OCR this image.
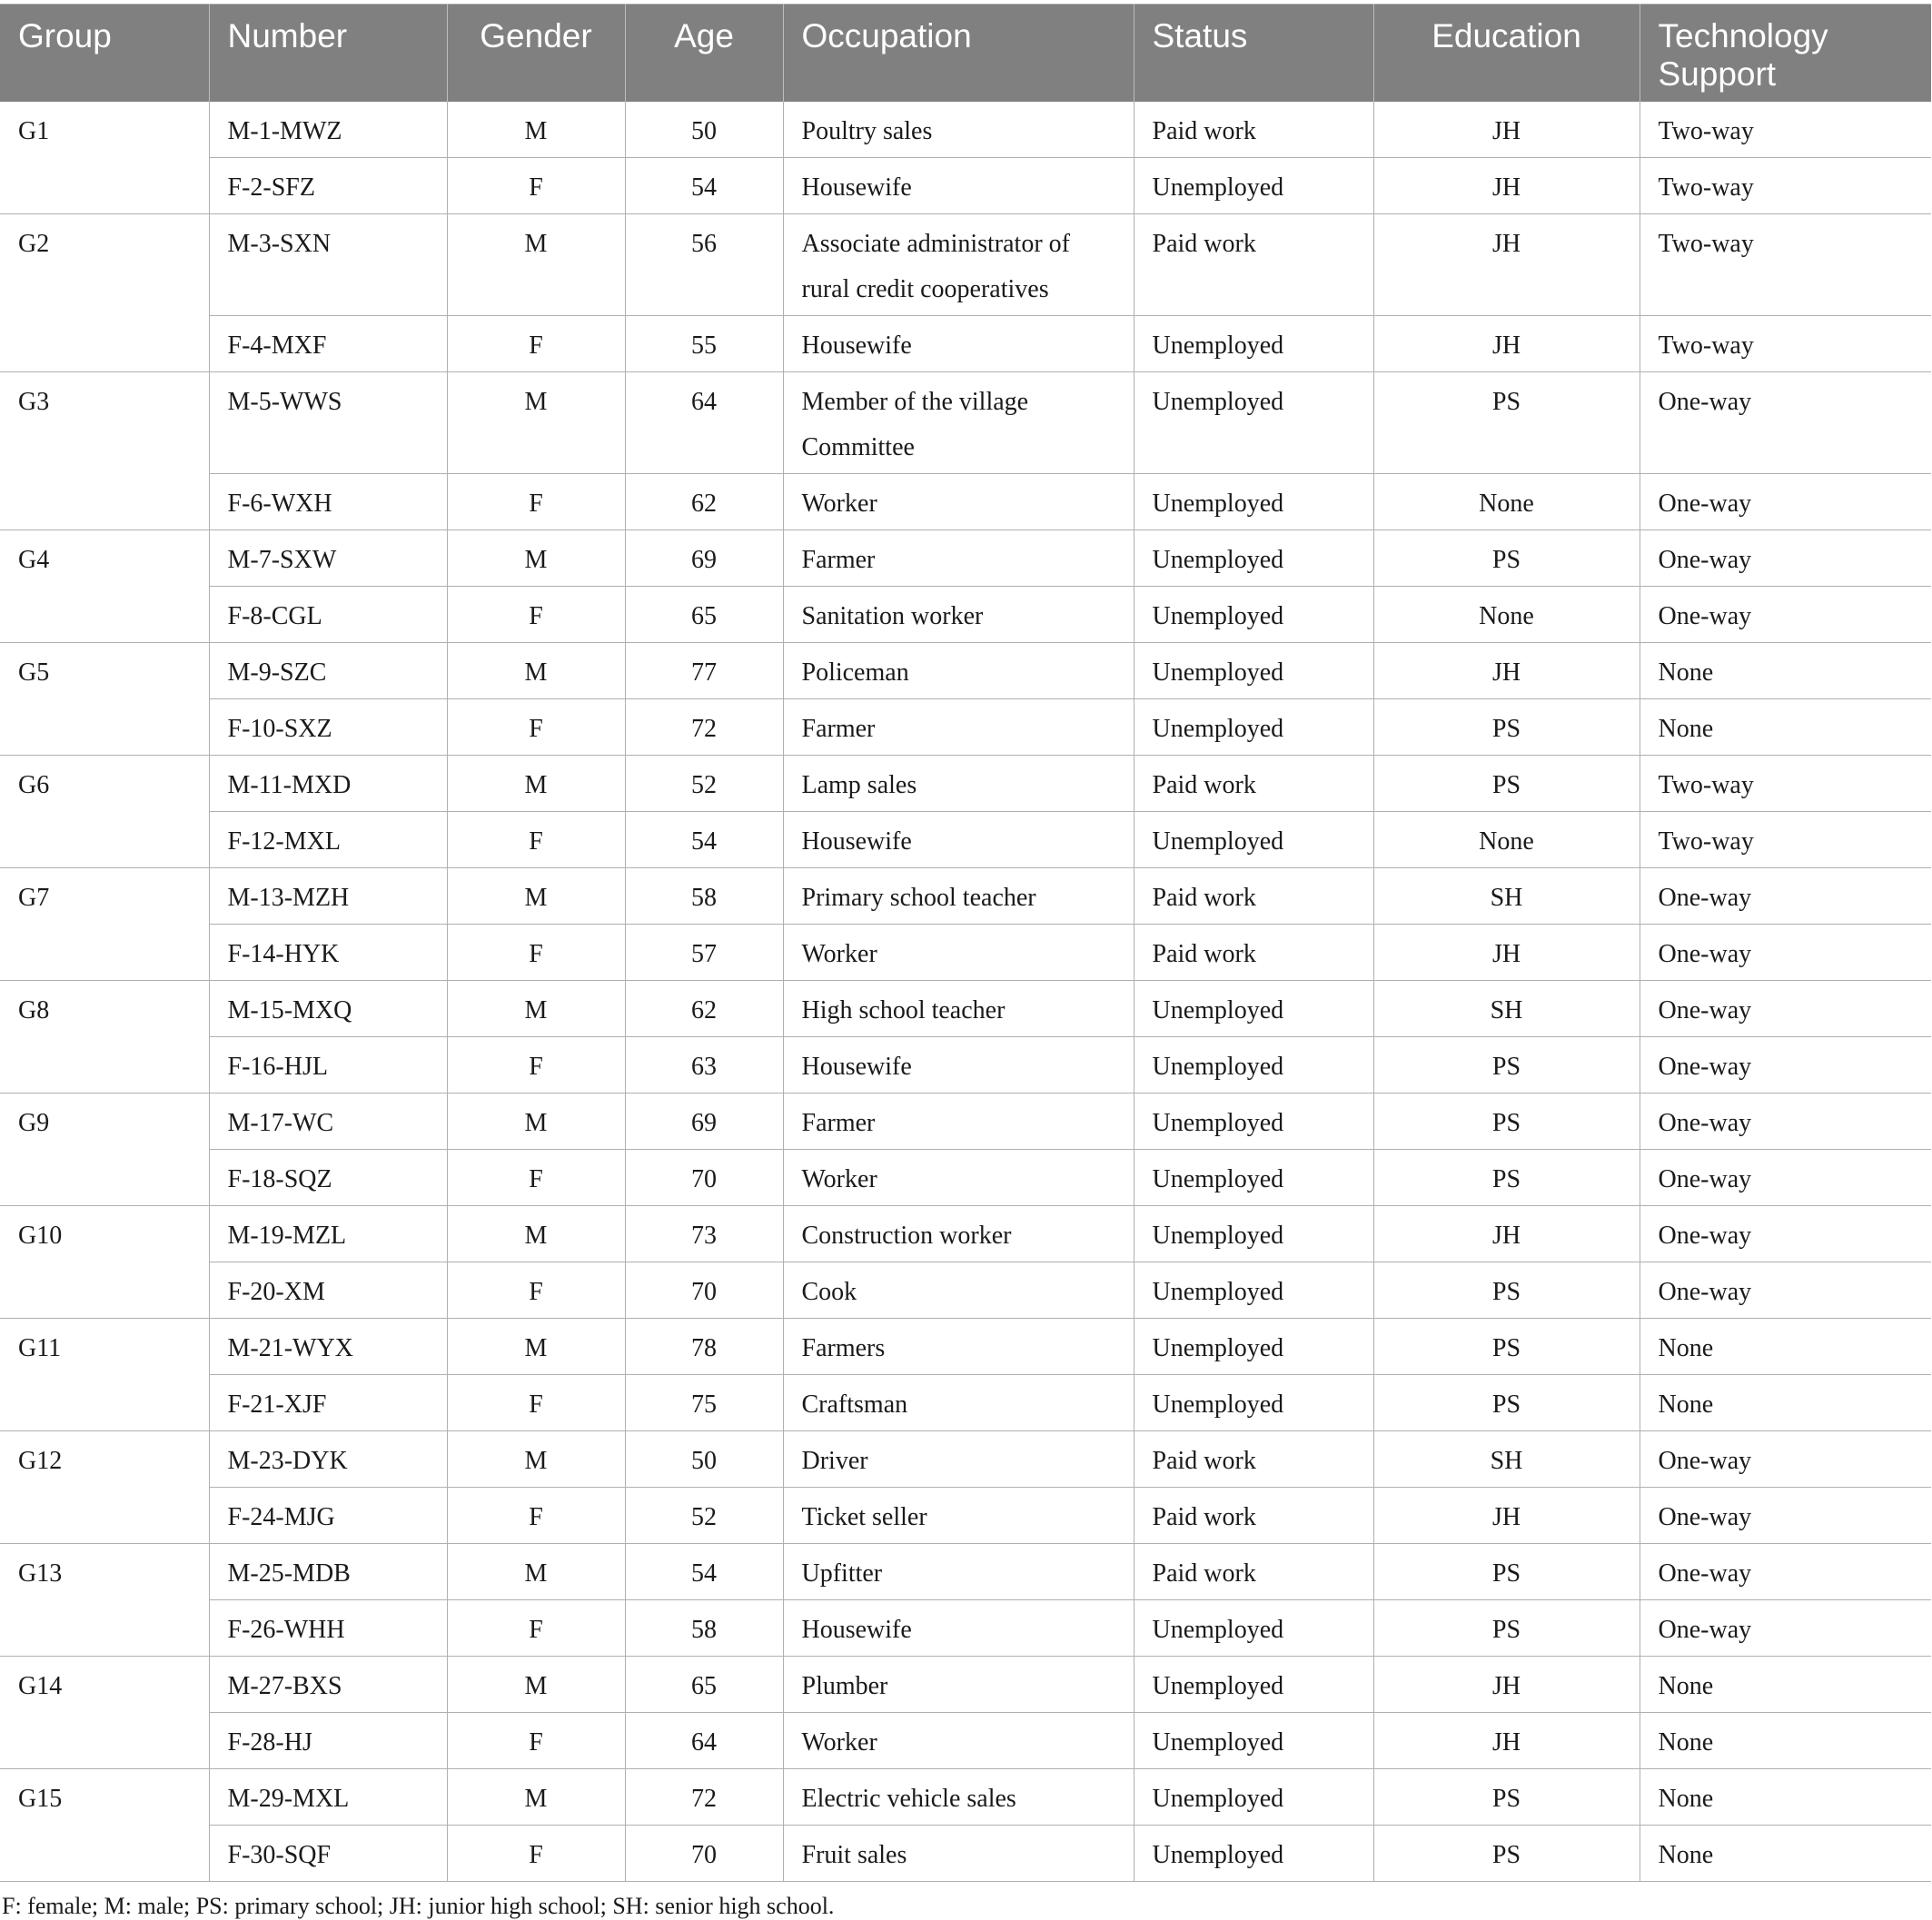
Group	Number	Gender	Age	Occupation	Status	Education	Technology Support
G1	M-1-MWZ	M	50	Poultry sales	Paid work	JH	Two-way
	F-2-SFZ	F	54	Housewife	Unemployed	JH	Two-way
G2	M-3-SXN	M	56	Associate administrator of rural credit cooperatives	Paid work	JH	Two-way
	F-4-MXF	F	55	Housewife	Unemployed	JH	Two-way
G3	M-5-WWS	M	64	Member of the village Committee	Unemployed	PS	One-way
	F-6-WXH	F	62	Worker	Unemployed	None	One-way
G4	M-7-SXW	M	69	Farmer	Unemployed	PS	One-way
	F-8-CGL	F	65	Sanitation worker	Unemployed	None	One-way
G5	M-9-SZC	M	77	Policeman	Unemployed	JH	None
	F-10-SXZ	F	72	Farmer	Unemployed	PS	None
G6	M-11-MXD	M	52	Lamp sales	Paid work	PS	Two-way
	F-12-MXL	F	54	Housewife	Unemployed	None	Two-way
G7	M-13-MZH	M	58	Primary school teacher	Paid work	SH	One-way
	F-14-HYK	F	57	Worker	Paid work	JH	One-way
G8	M-15-MXQ	M	62	High school teacher	Unemployed	SH	One-way
	F-16-HJL	F	63	Housewife	Unemployed	PS	One-way
G9	M-17-WC	M	69	Farmer	Unemployed	PS	One-way
	F-18-SQZ	F	70	Worker	Unemployed	PS	One-way
G10	M-19-MZL	M	73	Construction worker	Unemployed	JH	One-way
	F-20-XM	F	70	Cook	Unemployed	PS	One-way
G11	M-21-WYX	M	78	Farmers	Unemployed	PS	None
	F-21-XJF	F	75	Craftsman	Unemployed	PS	None
G12	M-23-DYK	M	50	Driver	Paid work	SH	One-way
	F-24-MJG	F	52	Ticket seller	Paid work	JH	One-way
G13	M-25-MDB	M	54	Upfitter	Paid work	PS	One-way
	F-26-WHH	F	58	Housewife	Unemployed	PS	One-way
G14	M-27-BXS	M	65	Plumber	Unemployed	JH	None
	F-28-HJ	F	64	Worker	Unemployed	JH	None
G15	M-29-MXL	M	72	Electric vehicle sales	Unemployed	PS	None
	F-30-SQF	F	70	Fruit sales	Unemployed	PS	None
F: female; M: male; PS: primary school; JH: junior high school; SH: senior high school.
